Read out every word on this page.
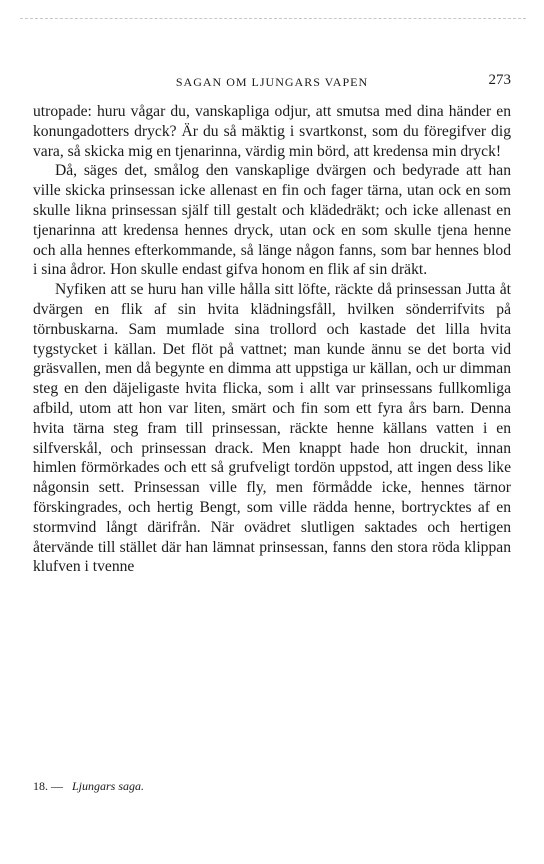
SAGAN OM LJUNGARS VAPEN	273

utropade: huru vågar du, vanskapliga odjur, att smutsa med dina händer en konungadotters dryck? Är du så mäktig i svartkonst, som du föregifver dig vara, så skicka mig en tjenarinna, värdig min börd, att kredensa min dryck!

Då, säges det, smålog den vanskaplige dvärgen och bedyrade att han ville skicka prinsessan icke allenast en fin och fager tärna, utan ock en som skulle likna prinsessan själf till gestalt och klädedräkt; och icke allenast en tjenarinna att kredensa hennes dryck, utan ock en som skulle tjena henne och alla hennes efterkommande, så länge någon fanns, som bar hennes blod i sina ådror. Hon skulle endast gifva honom en flik af sin dräkt.

Nyfiken att se huru han ville hålla sitt löfte, räckte då prinsessan Jutta åt dvärgen en flik af sin hvita klädningsfåll, hvilken sönderrifvits på törnbuskarna. Sam mumlade sina trollord och kastade det lilla hvita tygstycket i källan. Det flöt på vattnet; man kunde ännu se det borta vid gräsvallen, men då begynte en dimma att uppstiga ur källan, och ur dimman steg en den däjeligaste hvita flicka, som i allt var prinsessans fullkomliga afbild, utom att hon var liten, smärt och fin som ett fyra års barn. Denna hvita tärna steg fram till prinsessan, räckte henne källans vatten i en silfverskål, och prinsessan drack. Men knappt hade hon druckit, innan himlen förmörkades och ett så grufveligt tordön uppstod, att ingen dess like någonsin sett. Prinsessan ville fly, men förmådde icke, hennes tärnor förskingrades, och hertig Bengt, som ville rädda henne, bortrycktes af en stormvind långt därifrån. När ovädret slutligen saktades och hertigen återvände till stället där han lämnat prinsessan, fanns den stora röda klippan klufven i tvenne

18. — Ljungars saga.
